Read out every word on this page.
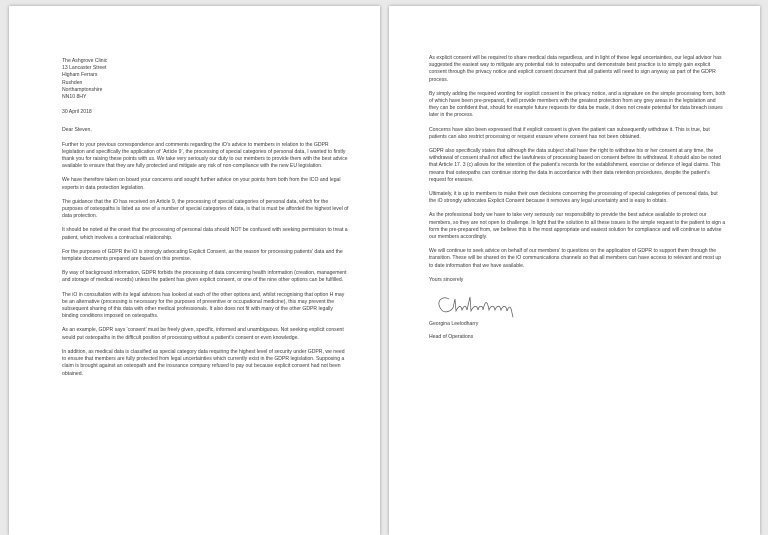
The Ashgrove Clinic
13 Lancaster Street
Higham Ferrars
Rushden
Northamptonshire
NN10 8HY
30 April 2018

Dear Steven,

Further to your previous correspondence and comments regarding the iO’s advice to members in relation to the GDPR legislation and specifically the application of ‘Article 9’, the processing of special categories of personal data, I wanted to firstly thank you for raising these points with us. We take very seriously our duty to our members to provide them with the best advice available to ensure that they are fully protected and mitigate any risk of non-compliance with the new EU legislation.

We have therefore taken on board your concerns and sought further advice on your points from both from the ICO and legal experts in data protection legislation.

The guidance that the iO has received on Article 9, the processing of special categories of personal data, which for the purposes of osteopaths is listed as one of a number of special categories of data, is that is must be afforded the highest level of data protection.

It should be noted at the onset that the processing of personal data should NOT be confused with seeking permission to treat a patient, which involves a contractual relationship.

For the purposes of GDPR the iO is strongly advocating Explicit Consent, as the reason for processing patients’ data and the template documents prepared are based on this premise.

By way of background information, GDPR forbids the processing of data concerning health information (creation, management and storage of medical records) unless the patient has given explicit consent, or one of the nine other options can be fulfilled.

The iO in consultation with its legal advisors has looked at each of the other options and, whilst recognising that option H may be an alternative (processing is necessary for the purposes of preventive or occupational medicine), this may prevent the subsequent sharing of this data with other medical professionals. It also does not fit with many of the other GDPR legally binding conditions imposed on osteopaths.

As an example, GDPR says ‘consent’ must be freely given, specific, informed and unambiguous. Not seeking explicit consent would put osteopaths in the difficult position of processing without a patient’s consent or even knowledge.

In addition, as medical data is classified as special category data requiring the highest level of security under GDPR, we need to ensure that members are fully protected from legal uncertainties which currently exist in the GDPR legislation. Supposing a claim is brought against an osteopath and the insurance company refused to pay out because explicit consent had not been obtained.

As explicit consent will be required to share medical data regardless, and in light of these legal uncertainties, our legal advisor has suggested the easiest way to mitigate any potential risk to osteopaths and demonstrate best practice is to simply gain explicit consent through the privacy notice and explicit consent document that all patients will need to sign anyway as part of the GDPR process.

By simply adding the required wording for explicit consent in the privacy notice, and a signature on the simple processing form, both of which have been pre-prepared, it will provide members with the greatest protection from any grey areas in the legislation and they can be confident that, should for example future requests for data be made, it does not create potential for data breach issues later in the process.

Concerns have also been expressed that if explicit consent is given the patient can subsequently withdraw it. This is true, but patients can also restrict processing or request erasure where consent has not been obtained.

GDPR also specifically states that although the data subject shall have the right to withdraw his or her consent at any time, the withdrawal of consent shall not affect the lawfulness of processing based on consent before its withdrawal. It should also be noted that Article 17. 3 (c) allows for the retention of the patient’s records for the establishment, exercise or defence of legal claims. This means that osteopaths can continue storing the data in accordance with their data retention procedures, despite the patient’s request for erasure.

Ultimately, it is up to members to make their own decisions concerning the processing of special categories of personal data, but the iO strongly advocates Explicit Consent because it removes any legal uncertainty and is easy to obtain.

As the professional body we have to take very seriously our responsibility to provide the best advice available to protect our members, so they are not open to challenge. In light that the solution to all these issues is the simple request to the patient to sign a form the pre-prepared from, we believe this is the most appropriate and easiest solution for compliance and will continue to advise our members accordingly.

We will continue to seek advice on behalf of our members’ to questions on the application of GDPR to support them through the transition. These will be shared on the iO communications channels so that all members can have access to relevant and most up to date information that we have available.

Yours sincerely

Georgina Leelodharry
Head of Operations
